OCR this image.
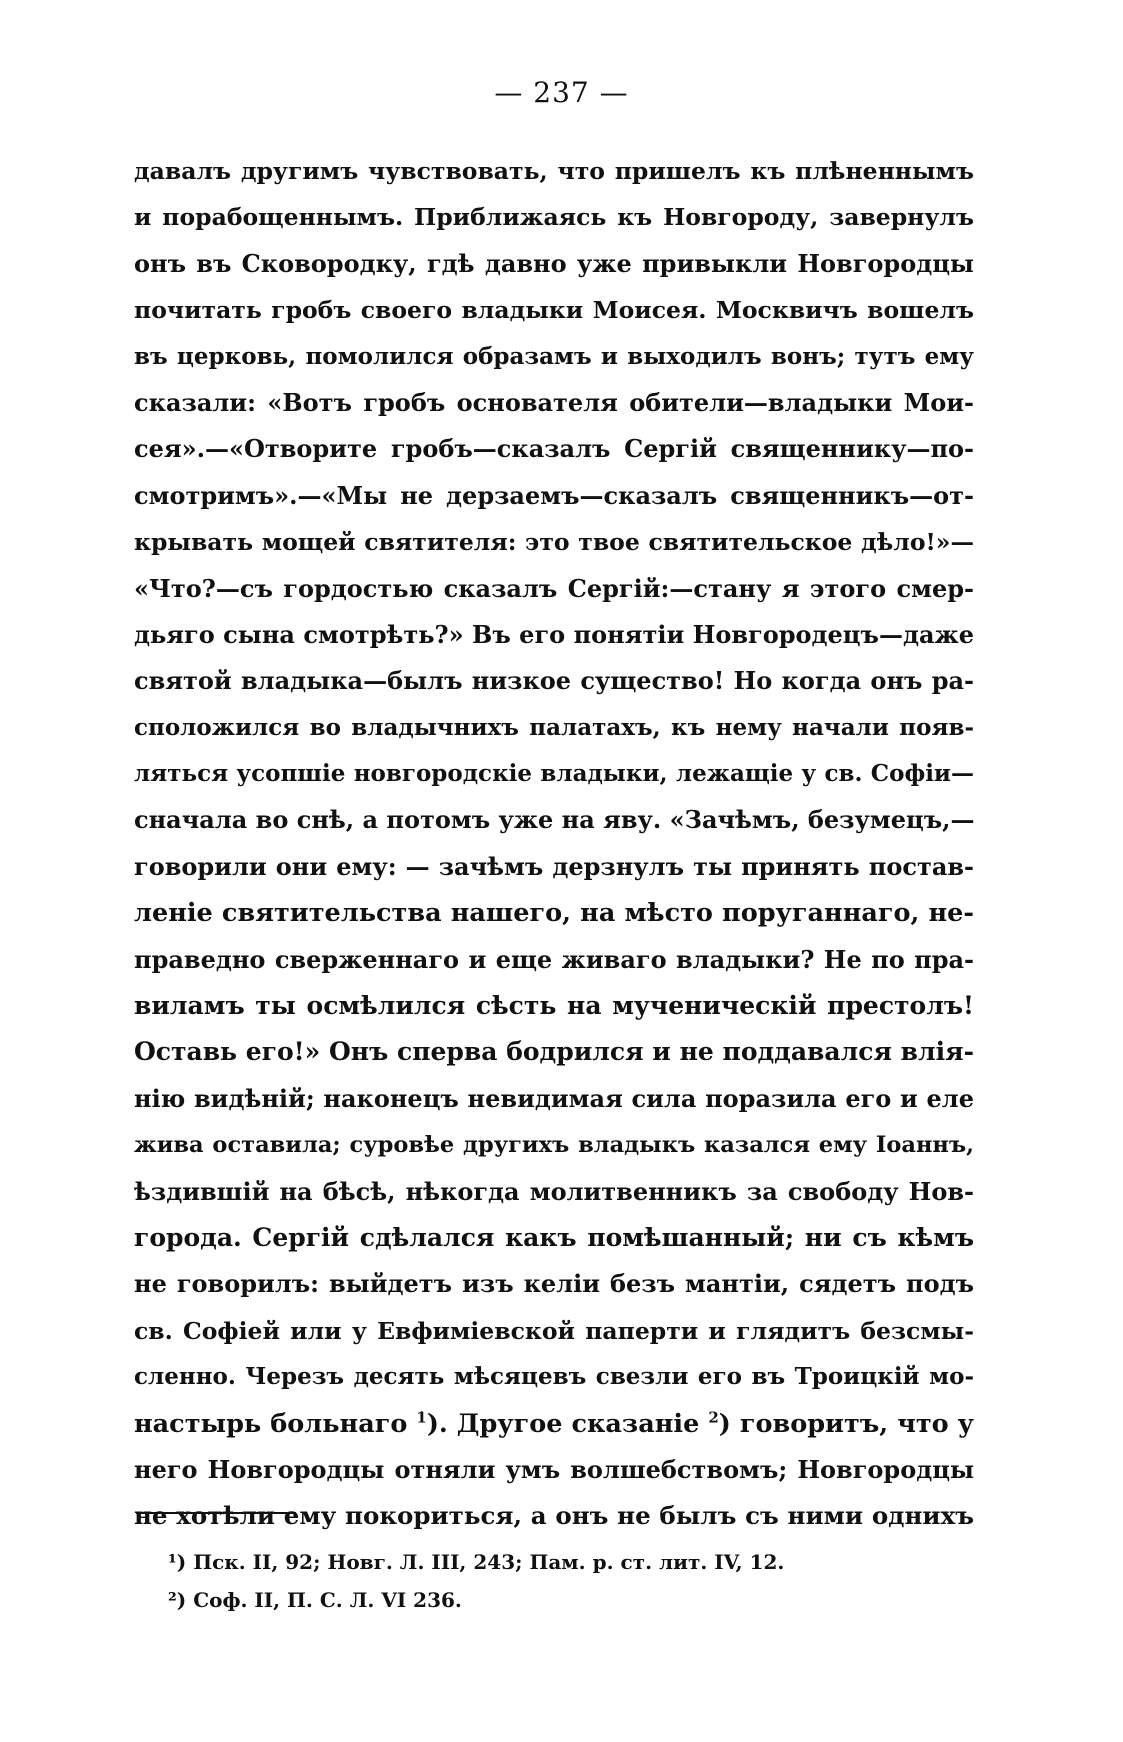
— 237 —
давалъ другимъ чувствовать, что пришелъ къ плѣненнымъ
и порабощеннымъ. Приближаясь къ Новгороду, завернулъ
онъ въ Сковородку, гдѣ давно уже привыкли Новгородцы
почитать гробъ своего владыки Моисея. Москвичъ вошелъ
въ церковь, помолился образамъ и выходилъ вонъ; тутъ ему
сказали: «Вотъ гробъ основателя обители—владыки Мои-
сея».—«Отворите гробъ—сказалъ Сергій священнику—по-
смотримъ».—«Мы не дерзаемъ—сказалъ священникъ—от-
крывать мощей святителя: это твое святительское дѣло!»—
«Что?—съ гордостью сказалъ Сергій:—стану я этого смер-
дьяго сына смотрѣть?» Въ его понятіи Новгородецъ—даже
святой владыка—былъ низкое существо! Но когда онъ ра-
сположился во владычнихъ палатахъ, къ нему начали появ-
ляться усопшіе новгородскіе владыки, лежащіе у св. Софіи—
сначала во снѣ, а потомъ уже на яву. «Зачѣмъ, безумецъ,—
говорили они ему: — зачѣмъ дерзнулъ ты принять постав-
леніе святительства нашего, на мѣсто поруганнаго, не-
праведно сверженнаго и еще живаго владыки? Не по пра-
виламъ ты осмѣлился сѣсть на мученическій престолъ!
Оставь его!» Онъ сперва бодрился и не поддавался влія-
нію видѣній; наконецъ невидимая сила поразила его и еле
жива оставила; суровѣе другихъ владыкъ казался ему Іоаннъ,
ѣздившій на бѣсѣ, нѣкогда молитвенникъ за свободу Нов-
города. Сергій сдѣлался какъ помѣшанный; ни съ кѣмъ
не говорилъ: выйдетъ изъ келіи безъ мантіи, сядетъ подъ
св. Софіей или у Евфиміевской паперти и глядитъ безсмы-
сленно. Черезъ десять мѣсяцевъ свезли его въ Троицкій мо-
настырь больнаго $^1$). Другое сказаніе $^2$) говоритъ, что у
него Новгородцы отняли умъ волшебствомъ; Новгородцы
не хотѣли ему покориться, а онъ не былъ съ ними однихъ
¹) Пск. II, 92; Новг. Л. III, 243; Пам. р. ст. лит. IV, 12.
²) Соф. II, П. С. Л. VI 236.
